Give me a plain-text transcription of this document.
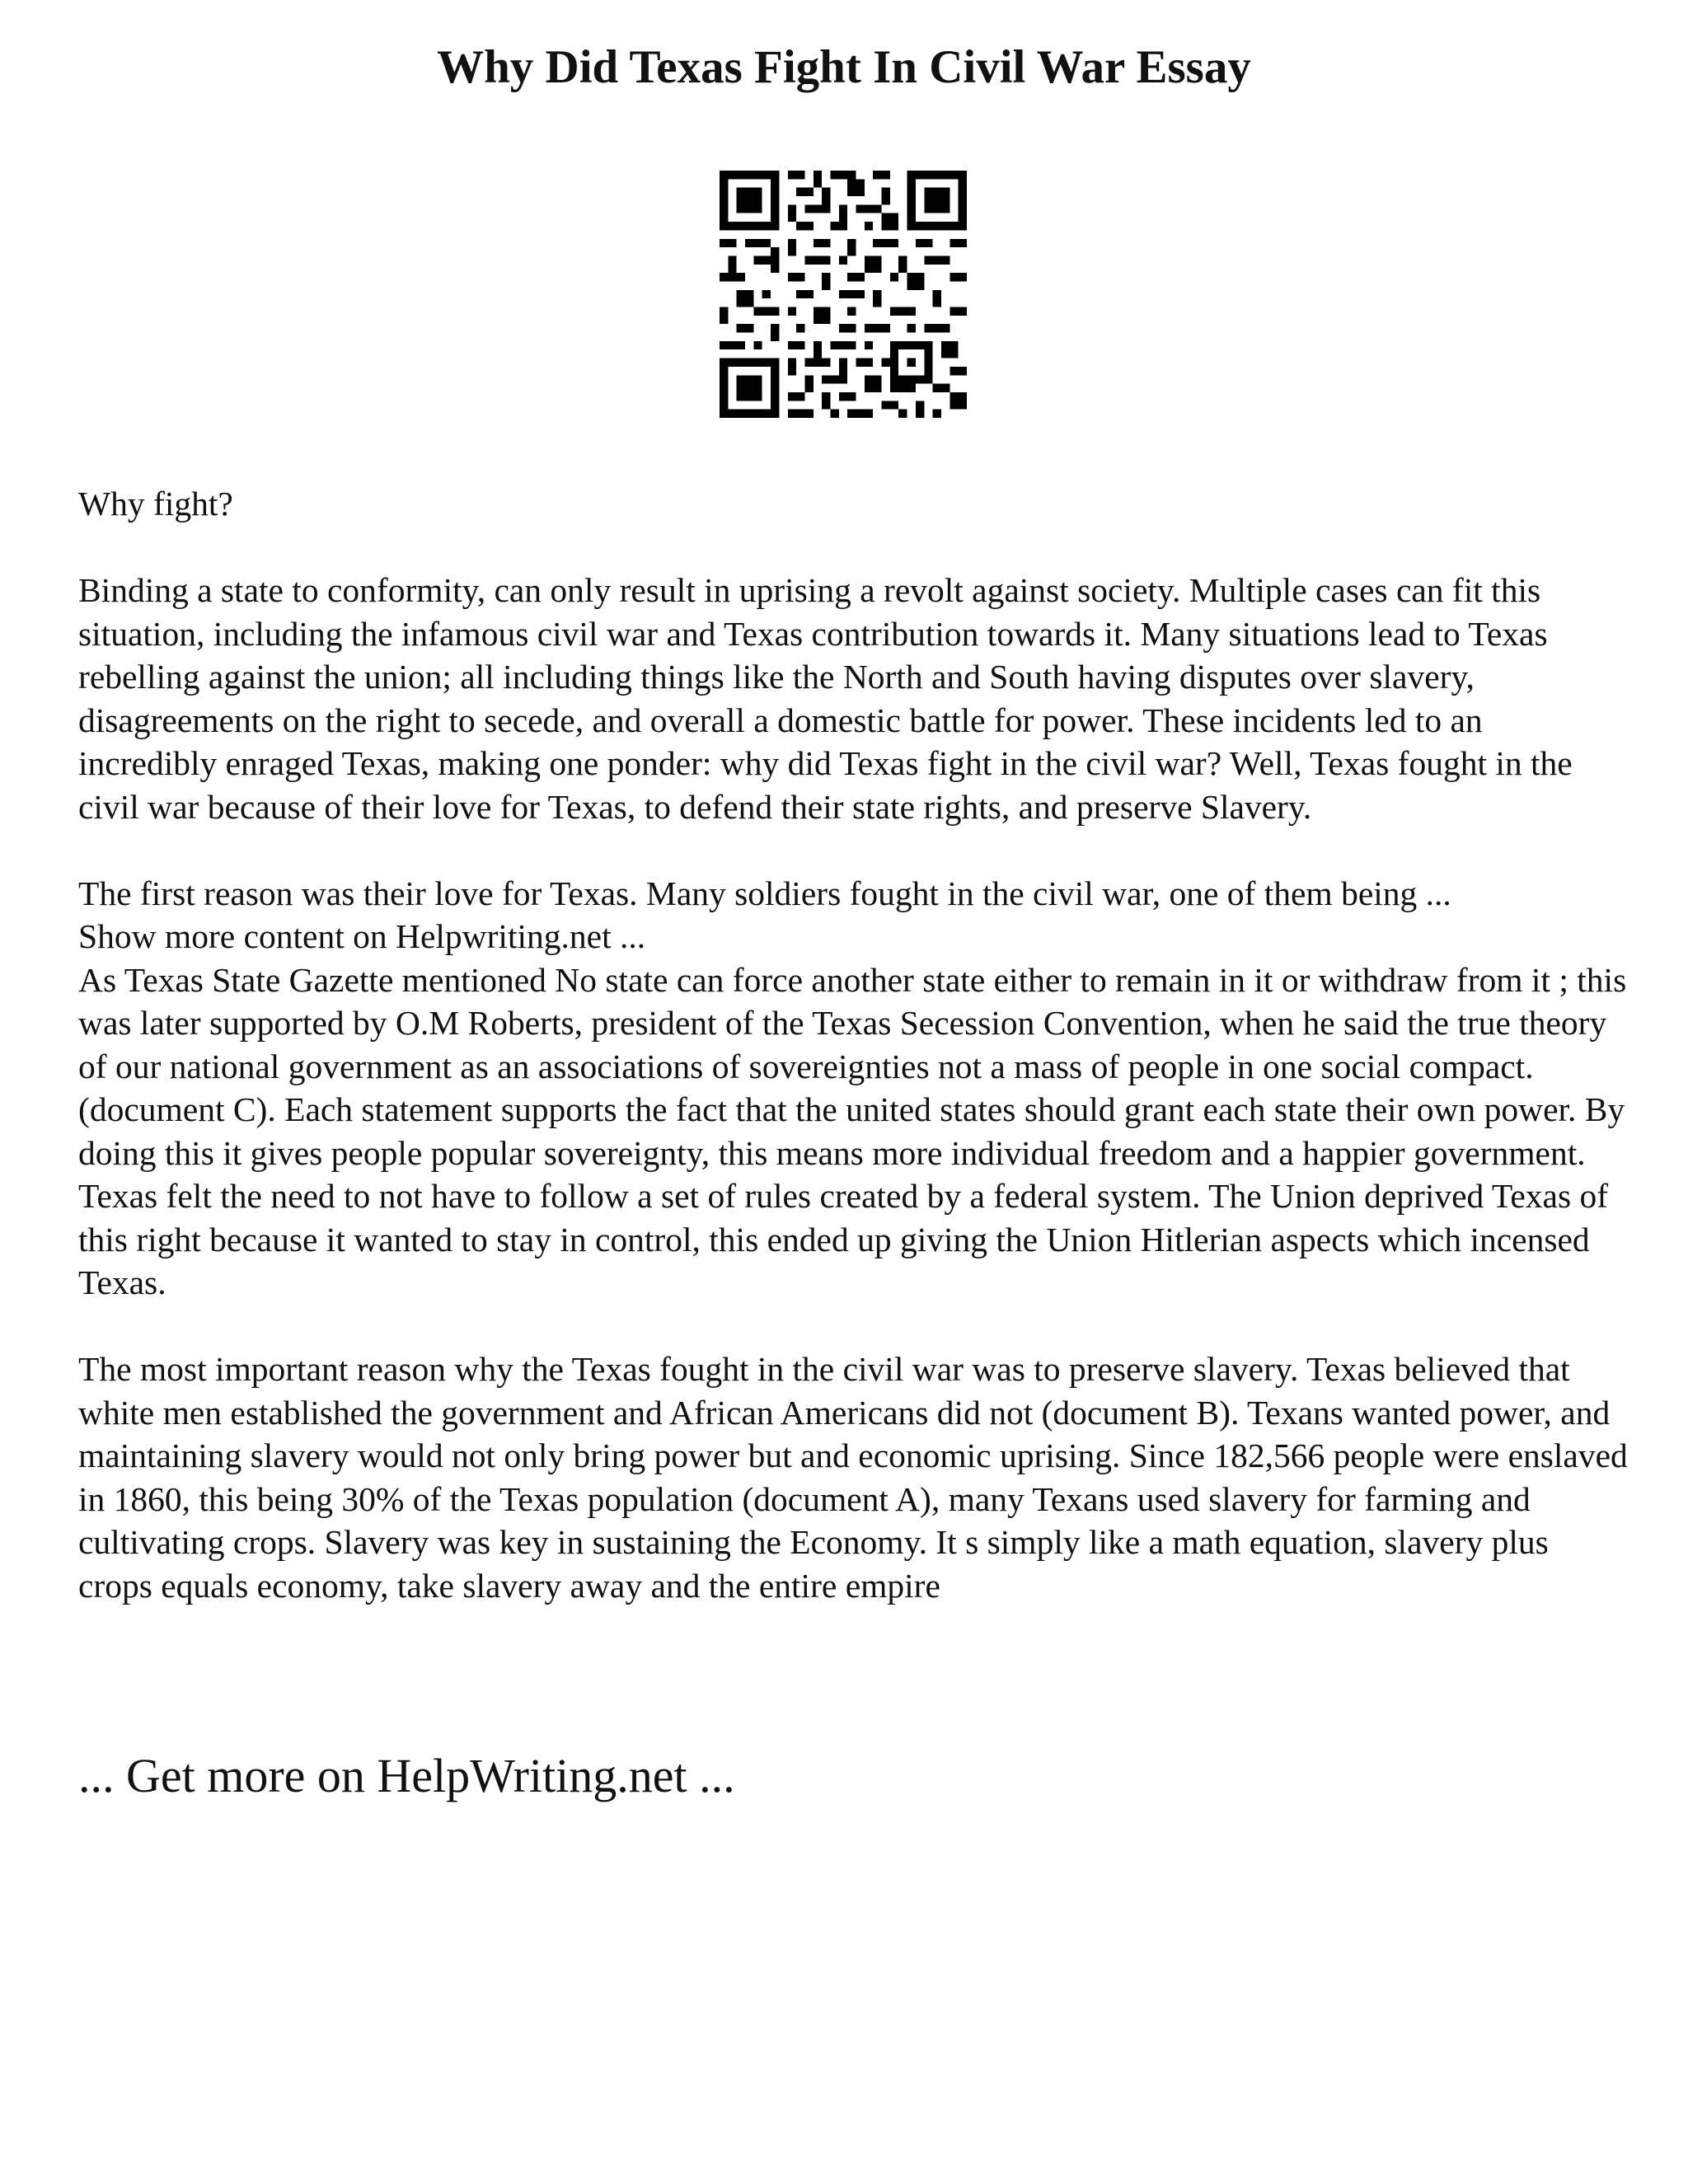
Why Did Texas Fight In Civil War Essay

Why fight?

Binding a state to conformity, can only result in uprising a revolt against society. Multiple cases can fit this situation, including the infamous civil war and Texas contribution towards it. Many situations lead to Texas rebelling against the union; all including things like the North and South having disputes over slavery, disagreements on the right to secede, and overall a domestic battle for power. These incidents led to an incredibly enraged Texas, making one ponder: why did Texas fight in the civil war? Well, Texas fought in the civil war because of their love for Texas, to defend their state rights, and preserve Slavery.

The first reason was their love for Texas. Many soldiers fought in the civil war, one of them being ...

Show more content on Helpwriting.net ...

As Texas State Gazette mentioned No state can force another state either to remain in it or withdraw from it ; this was later supported by O.M Roberts, president of the Texas Secession Convention, when he said the true theory of our national government as an associations of sovereignties not a mass of people in one social compact. (document C). Each statement supports the fact that the united states should grant each state their own power. By doing this it gives people popular sovereignty, this means more individual freedom and a happier government. Texas felt the need to not have to follow a set of rules created by a federal system. The Union deprived Texas of this right because it wanted to stay in control, this ended up giving the Union Hitlerian aspects which incensed Texas.

The most important reason why the Texas fought in the civil war was to preserve slavery. Texas believed that white men established the government and African Americans did not (document B). Texans wanted power, and maintaining slavery would not only bring power but and economic uprising. Since 182,566 people were enslaved in 1860, this being 30% of the Texas population (document A), many Texans used slavery for farming and cultivating crops. Slavery was key in sustaining the Economy. It s simply like a math equation, slavery plus crops equals economy, take slavery away and the entire empire

... Get more on HelpWriting.net ...
